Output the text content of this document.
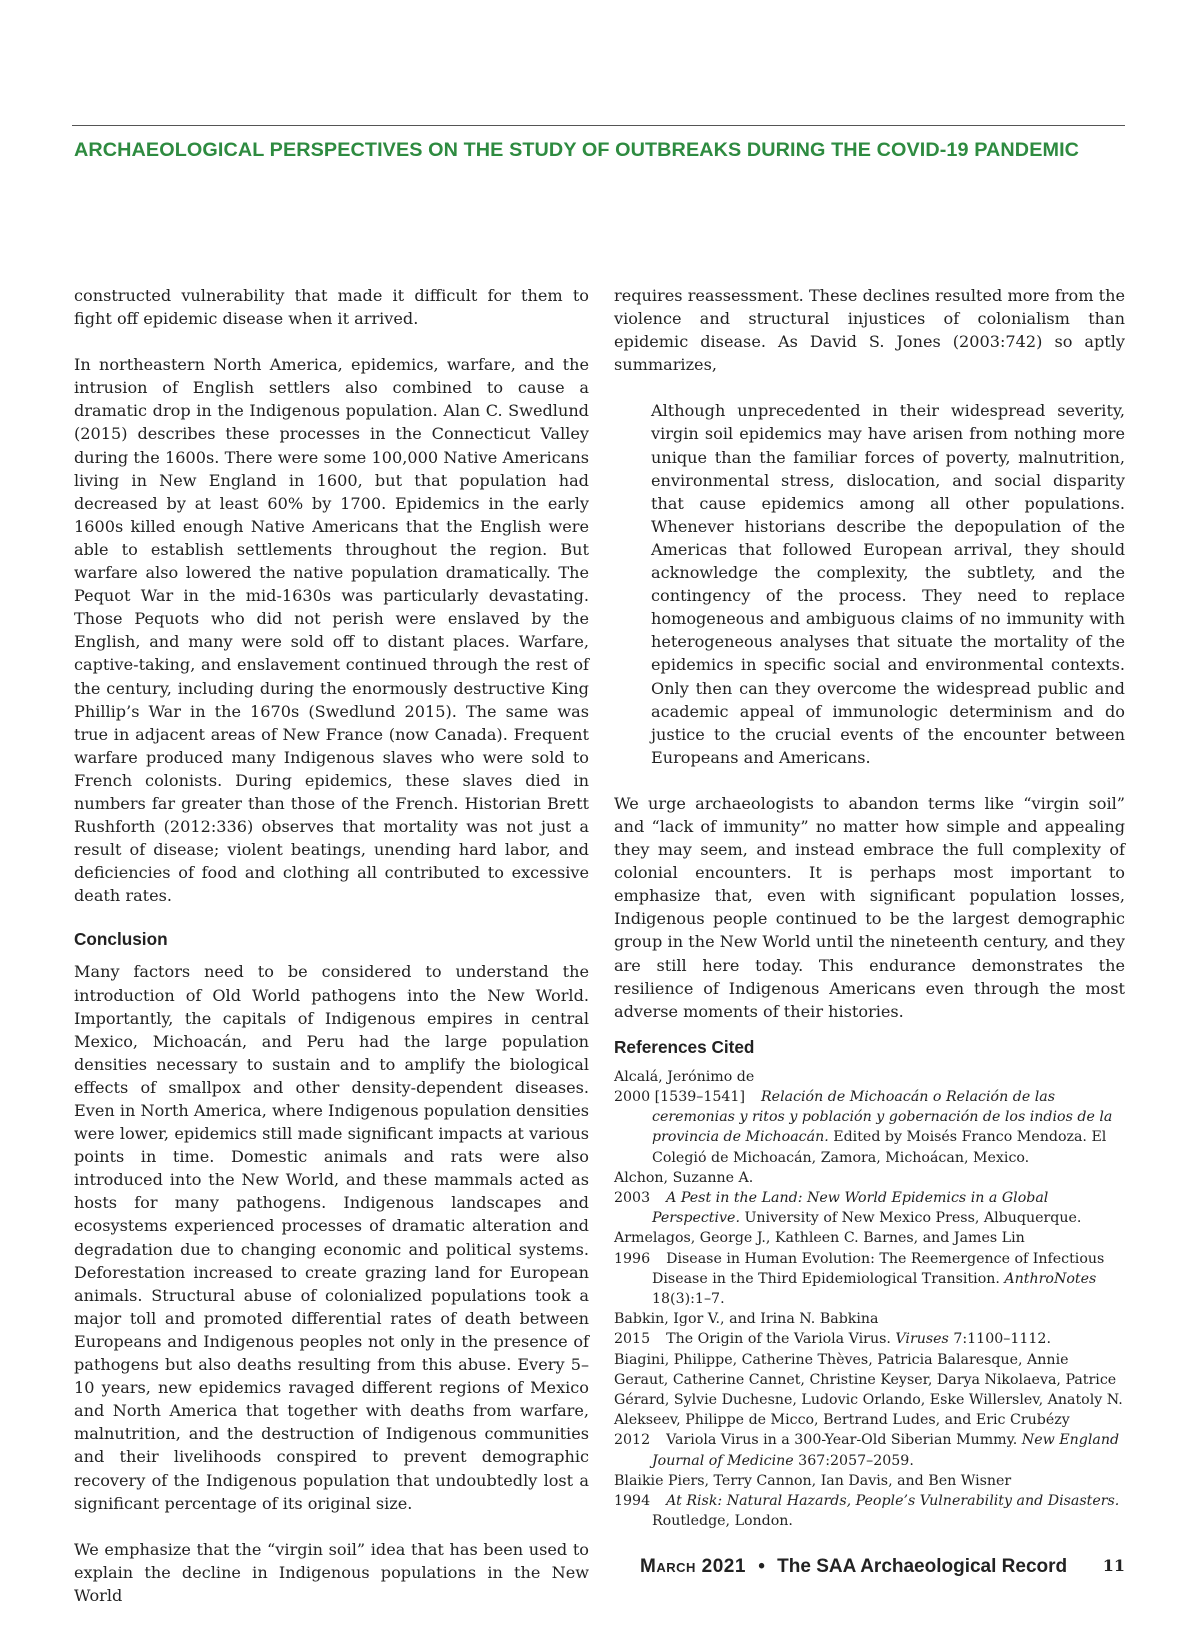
ARCHAEOLOGICAL PERSPECTIVES ON THE STUDY OF OUTBREAKS DURING THE COVID-19 PANDEMIC

constructed vulnerability that made it difficult for them to fight off epidemic disease when it arrived.

In northeastern North America, epidemics, warfare, and the intrusion of English settlers also combined to cause a dramatic drop in the Indigenous population. Alan C. Swedlund (2015) describes these processes in the Connecticut Valley during the 1600s. There were some 100,000 Native Americans living in New England in 1600, but that population had decreased by at least 60% by 1700. Epidemics in the early 1600s killed enough Native Americans that the English were able to establish settlements throughout the region. But warfare also lowered the native population dramatically. The Pequot War in the mid-1630s was particularly devastating. Those Pequots who did not perish were enslaved by the English, and many were sold off to distant places. Warfare, captive-taking, and enslavement continued through the rest of the century, including during the enormously destructive King Phillip’s War in the 1670s (Swedlund 2015). The same was true in adjacent areas of New France (now Canada). Frequent warfare produced many Indigenous slaves who were sold to French colonists. During epidemics, these slaves died in numbers far greater than those of the French. Historian Brett Rushforth (2012:336) observes that mortality was not just a result of disease; violent beatings, unending hard labor, and deficiencies of food and clothing all contributed to excessive death rates.

Conclusion

Many factors need to be considered to understand the introduction of Old World pathogens into the New World. Importantly, the capitals of Indigenous empires in central Mexico, Michoacán, and Peru had the large population densities necessary to sustain and to amplify the biological effects of smallpox and other density-dependent diseases. Even in North America, where Indigenous population densities were lower, epidemics still made significant impacts at various points in time. Domestic animals and rats were also introduced into the New World, and these mammals acted as hosts for many pathogens. Indigenous landscapes and ecosystems experienced processes of dramatic alteration and degradation due to changing economic and political systems. Deforestation increased to create grazing land for European animals. Structural abuse of colonialized populations took a major toll and promoted differential rates of death between Europeans and Indigenous peoples not only in the presence of pathogens but also deaths resulting from this abuse. Every 5–10 years, new epidemics ravaged different regions of Mexico and North America that together with deaths from warfare, malnutrition, and the destruction of Indigenous communities and their livelihoods conspired to prevent demographic recovery of the Indigenous population that undoubtedly lost a significant percentage of its original size.

We emphasize that the “virgin soil” idea that has been used to explain the decline in Indigenous populations in the New World

requires reassessment. These declines resulted more from the violence and structural injustices of colonialism than epidemic disease. As David S. Jones (2003:742) so aptly summarizes,

Although unprecedented in their widespread severity, virgin soil epidemics may have arisen from nothing more unique than the familiar forces of poverty, malnutrition, environmental stress, dislocation, and social disparity that cause epidemics among all other populations. Whenever historians describe the depopulation of the Americas that followed European arrival, they should acknowledge the complexity, the subtlety, and the contingency of the process. They need to replace homogeneous and ambiguous claims of no immunity with heterogeneous analyses that situate the mortality of the epidemics in specific social and environmental contexts. Only then can they overcome the widespread public and academic appeal of immunologic determinism and do justice to the crucial events of the encounter between Europeans and Americans.

We urge archaeologists to abandon terms like “virgin soil” and “lack of immunity” no matter how simple and appealing they may seem, and instead embrace the full complexity of colonial encounters. It is perhaps most important to emphasize that, even with significant population losses, Indigenous people continued to be the largest demographic group in the New World until the nineteenth century, and they are still here today. This endurance demonstrates the resilience of Indigenous Americans even through the most adverse moments of their histories.

References Cited
Alcalá, Jerónimo de
2000 [1539–1541] Relación de Michoacán o Relación de las ceremonias y ritos y población y gobernación de los indios de la provincia de Michoacán. Edited by Moisés Franco Mendoza. El Colegió de Michoacán, Zamora, Michoácan, Mexico.
Alchon, Suzanne A.
2003 A Pest in the Land: New World Epidemics in a Global Perspective. University of New Mexico Press, Albuquerque.
Armelagos, George J., Kathleen C. Barnes, and James Lin
1996 Disease in Human Evolution: The Reemergence of Infectious Disease in the Third Epidemiological Transition. AnthroNotes 18(3):1–7.
Babkin, Igor V., and Irina N. Babkina
2015 The Origin of the Variola Virus. Viruses 7:1100–1112.
Biagini, Philippe, Catherine Thèves, Patricia Balaresque, Annie Geraut, Catherine Cannet, Christine Keyser, Darya Nikolaeva, Patrice Gérard, Sylvie Duchesne, Ludovic Orlando, Eske Willerslev, Anatoly N. Alekseev, Philippe de Micco, Bertrand Ludes, and Eric Crubézy
2012 Variola Virus in a 300-Year-Old Siberian Mummy. New England Journal of Medicine 367:2057–2059.
Blaikie Piers, Terry Cannon, Ian Davis, and Ben Wisner
1994 At Risk: Natural Hazards, People’s Vulnerability and Disasters. Routledge, London.
March 2021 • The SAA Archaeological Record 11
